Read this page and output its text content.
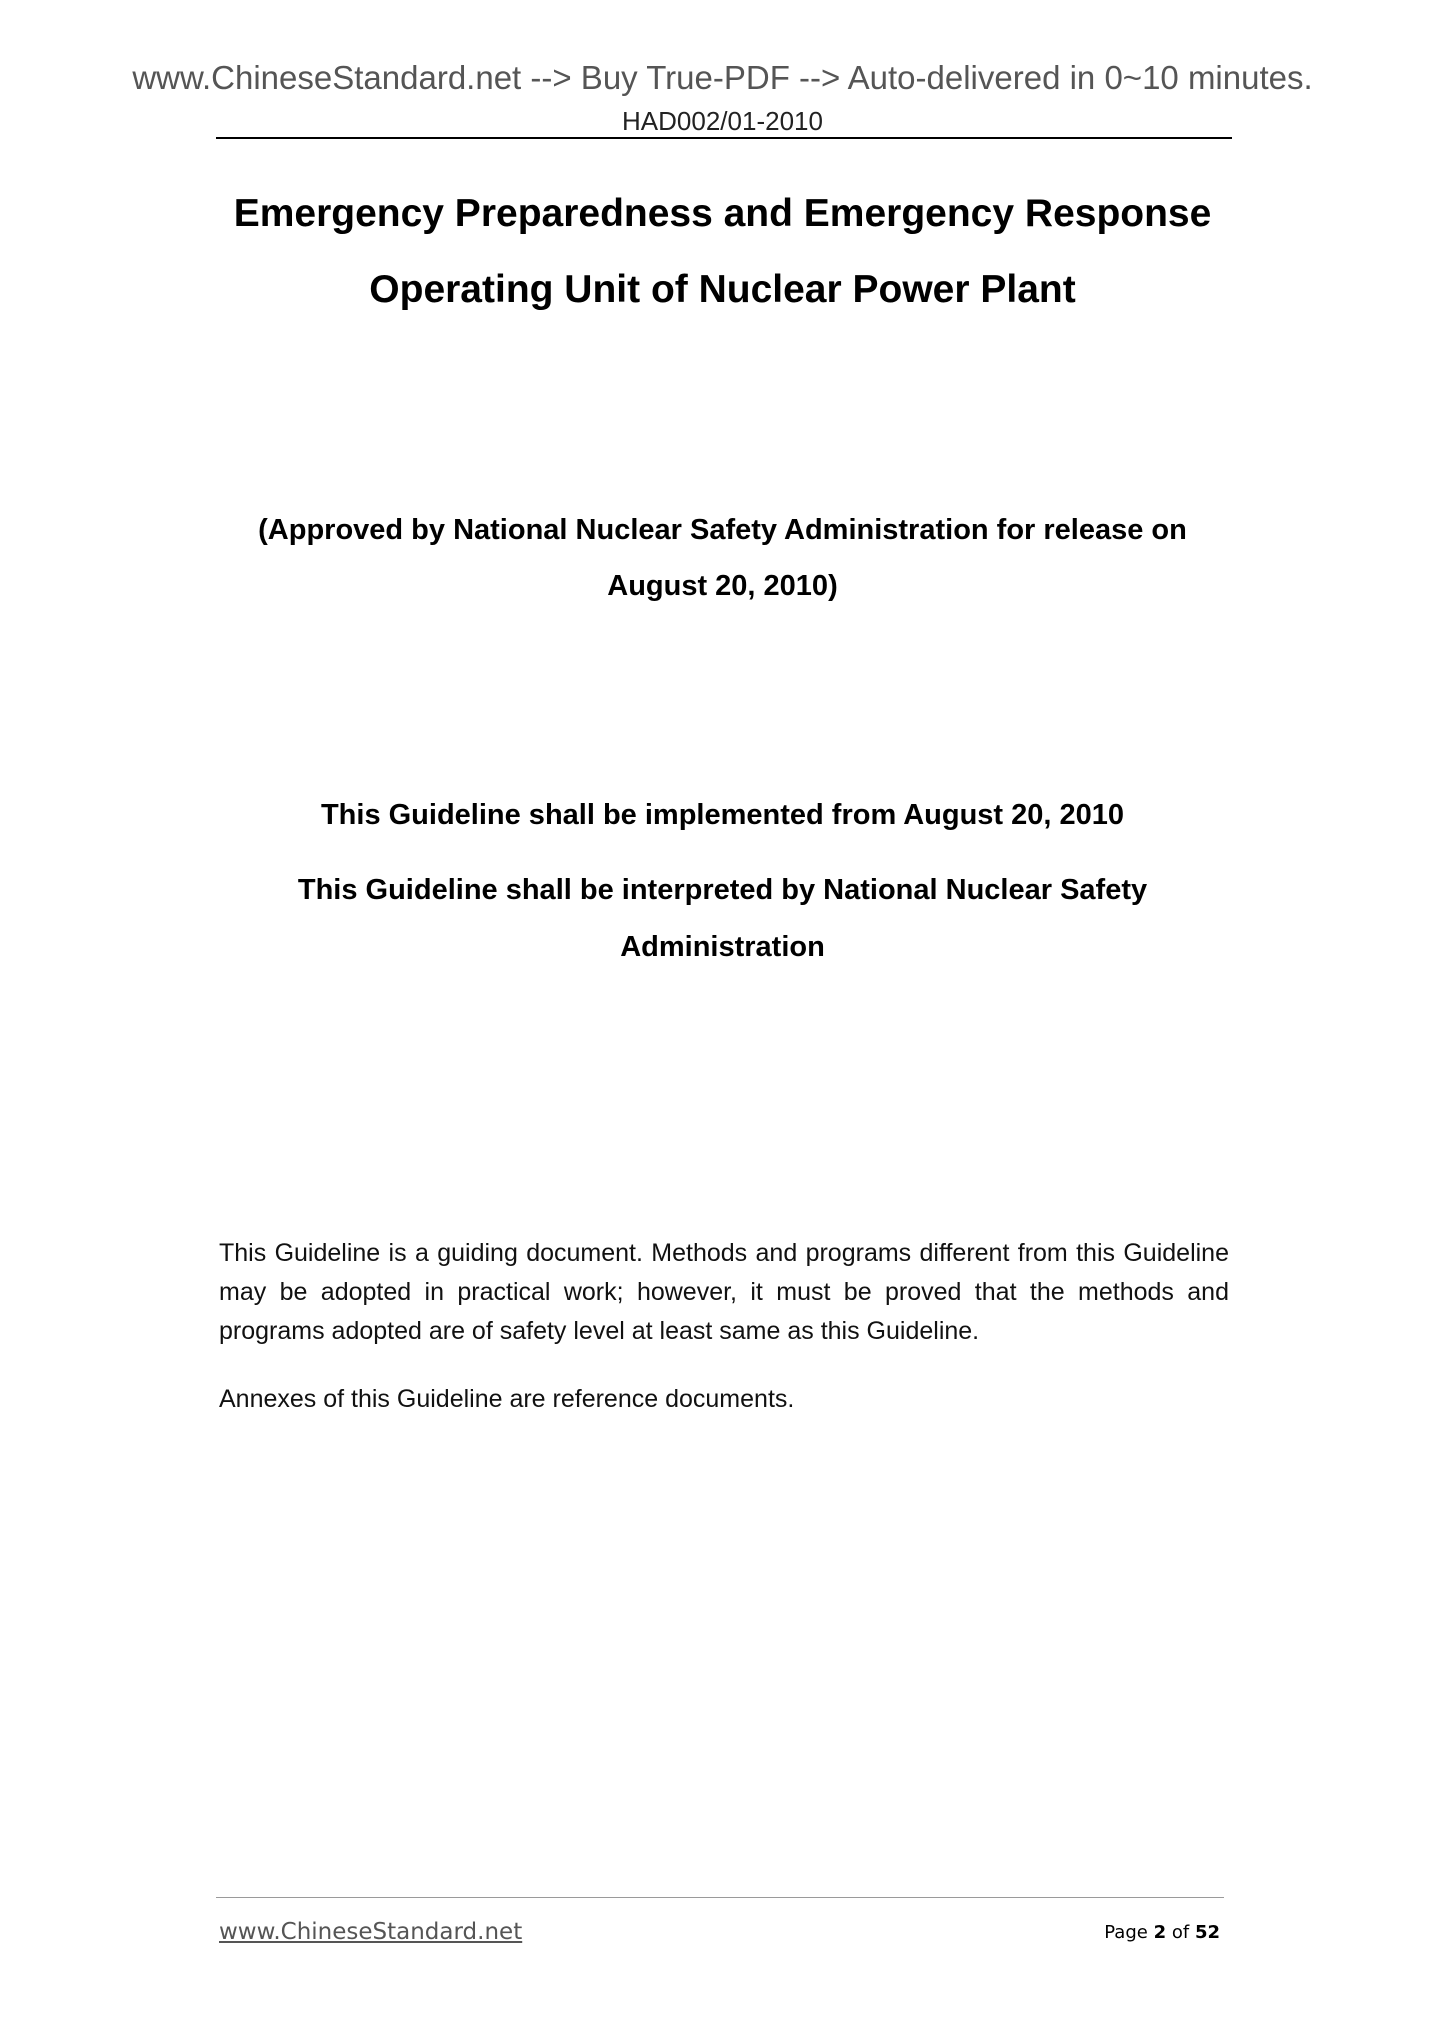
www.ChineseStandard.net --> Buy True-PDF --> Auto-delivered in 0~10 minutes.
HAD002/01-2010
Emergency Preparedness and Emergency Response
Operating Unit of Nuclear Power Plant
(Approved by National Nuclear Safety Administration for release on
August 20, 2010)
This Guideline shall be implemented from August 20, 2010
This Guideline shall be interpreted by National Nuclear Safety
Administration
This Guideline is a guiding document. Methods and programs different from this Guideline may be adopted in practical work; however, it must be proved that the methods and programs adopted are of safety level at least same as this Guideline.
Annexes of this Guideline are reference documents.
www.ChineseStandard.net	Page 2 of 52
